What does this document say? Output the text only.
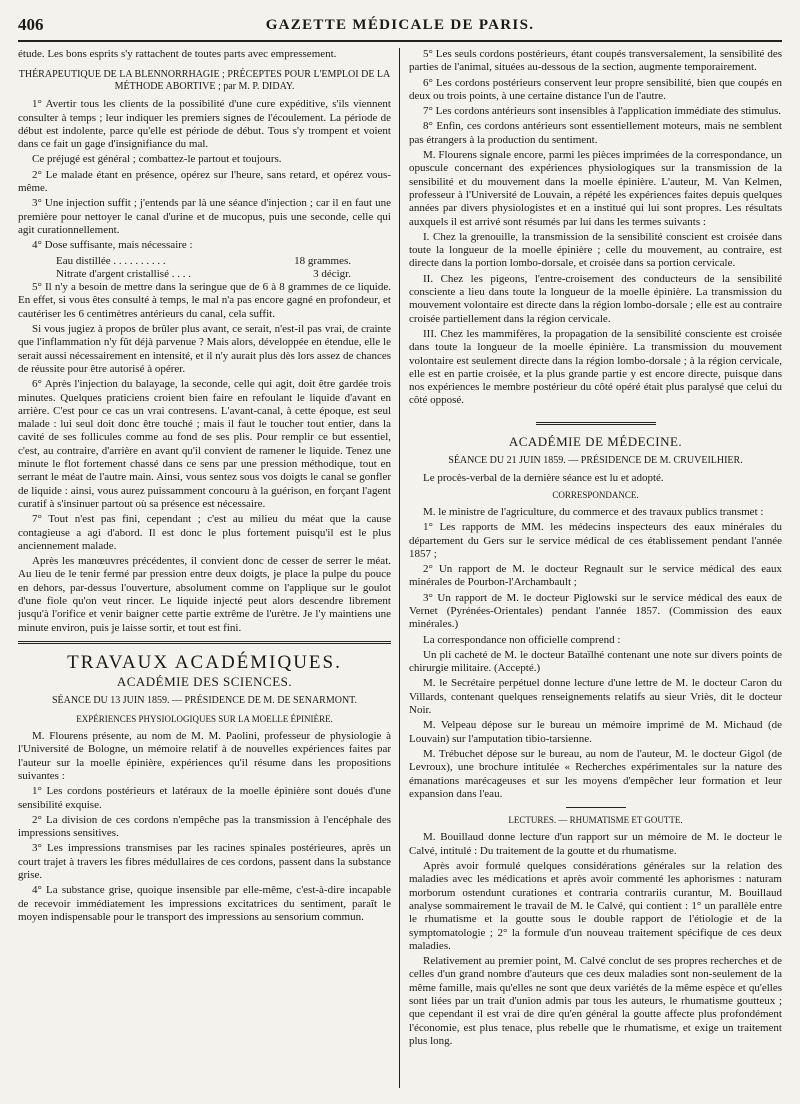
406	GAZETTE MÉDICALE DE PARIS.

étude. Les bons esprits s'y rattachent de toutes parts avec empressement.

THÉRAPEUTIQUE DE LA BLENNORRHAGIE ; PRÉCEPTES POUR L'EMPLOI DE LA MÉTHODE ABORTIVE ; par M. P. DIDAY.

1° Avertir tous les clients de la possibilité d'une cure expéditive, s'ils viennent consulter à temps ; leur indiquer les premiers signes de l'écoulement. La période de début est indolente, parce qu'elle est période de début. Tous s'y trompent et voient dans ce fait un gage d'insignifiance du mal.

Ce préjugé est général ; combattez-le partout et toujours.

2° Le malade étant en présence, opérez sur l'heure, sans retard, et opérez vous-même.

3° Une injection suffit ; j'entends par là une séance d'injection ; car il en faut une première pour nettoyer le canal d'urine et de mucopus, puis une seconde, celle qui agit curationnellement.

4° Dose suffisante, mais nécessaire :

Eau distillée . . . . . . . . . .	18 grammes.
Nitrate d'argent cristallisé . . . .	3 décigr.

5° Il n'y a besoin de mettre dans la seringue que de 6 à 8 grammes de ce liquide. En effet, si vous êtes consulté à temps, le mal n'a pas encore gagné en profondeur, et cautériser les 6 centimètres antérieurs du canal, cela suffit.

Si vous jugiez à propos de brûler plus avant, ce serait, n'est-il pas vrai, de crainte que l'inflammation n'y fût déjà parvenue ? Mais alors, développée en étendue, elle le serait aussi nécessairement en intensité, et il n'y aurait plus dès lors assez de chances de réussite pour être autorisé à opérer.

6° Après l'injection du balayage, la seconde, celle qui agit, doit être gardée trois minutes. Quelques praticiens croient bien faire en refoulant le liquide d'avant en arrière. C'est pour ce cas un vrai contresens. L'avant-canal, à cette époque, est seul malade : lui seul doit donc être touché ; mais il faut le toucher tout entier, dans la cavité de ses follicules comme au fond de ses plis. Pour remplir ce but essentiel, c'est, au contraire, d'arrière en avant qu'il convient de ramener le liquide. Tenez une minute le flot fortement chassé dans ce sens par une pression méthodique, tout en serrant le méat de l'autre main. Ainsi, vous sentez sous vos doigts le canal se gonfler de liquide : ainsi, vous aurez puissamment concouru à la guérison, en forçant l'agent curatif à s'insinuer partout où sa présence est nécessaire.

7° Tout n'est pas fini, cependant ; c'est au milieu du méat que la cause contagieuse a agi d'abord. Il est donc le plus fortement puisqu'il est le plus anciennement malade.

Après les manœuvres précédentes, il convient donc de cesser de serrer le méat. Au lieu de le tenir fermé par pression entre deux doigts, je place la pulpe du pouce en dehors, par-dessus l'ouverture, absolument comme on l'applique sur le goulot d'une fiole qu'on veut rincer. Le liquide injecté peut alors descendre librement jusqu'à l'orifice et venir baigner cette partie extrême de l'urètre. Je l'y maintiens une minute environ, puis je laisse sortir, et tout est fini.

TRAVAUX ACADÉMIQUES.
ACADÉMIE DES SCIENCES.
SÉANCE DU 13 JUIN 1859. — PRÉSIDENCE DE M. DE SENARMONT.
EXPÉRIENCES PHYSIOLOGIQUES SUR LA MOELLE ÉPINIÈRE.

M. Flourens présente, au nom de M. M. Paolini, professeur de physiologie à l'Université de Bologne, un mémoire relatif à de nouvelles expériences faites par l'auteur sur la moelle épinière, expériences qu'il résume dans les propositions suivantes :

1° Les cordons postérieurs et latéraux de la moelle épinière sont doués d'une sensibilité exquise.

2° La division de ces cordons n'empêche pas la transmission à l'encéphale des impressions sensitives.

3° Les impressions transmises par les racines spinales postérieures, après un court trajet à travers les fibres médullaires de ces cordons, passent dans la substance grise.

4° La substance grise, quoique insensible par elle-même, c'est-à-dire incapable de recevoir immédiatement les impressions excitatrices du sentiment, paraît le moyen indispensable pour le transport des impressions au sensorium commun.

5° Les seuls cordons postérieurs, étant coupés transversalement, la sensibilité des parties de l'animal, situées au-dessous de la section, augmente temporairement.

6° Les cordons postérieurs conservent leur propre sensibilité, bien que coupés en deux ou trois points, à une certaine distance l'un de l'autre.

7° Les cordons antérieurs sont insensibles à l'application immédiate des stimulus.

8° Enfin, ces cordons antérieurs sont essentiellement moteurs, mais ne semblent pas étrangers à la production du sentiment.

M. Flourens signale encore, parmi les pièces imprimées de la correspondance, un opuscule concernant des expériences physiologiques sur la transmission de la sensibilité et du mouvement dans la moelle épinière. L'auteur, M. Van Kelmen, professeur à l'Université de Louvain, a répété les expériences faites depuis quelques années par divers physiologistes et en a institué qui lui sont propres. Les résultats auxquels il est arrivé sont résumés par lui dans les termes suivants :

I. Chez la grenouille, la transmission de la sensibilité conscient est croisée dans toute la longueur de la moelle épinière ; celle du mouvement, au contraire, est directe dans la portion lombo-dorsale, et croisée dans sa portion cervicale.

II. Chez les pigeons, l'entre-croisement des conducteurs de la sensibilité consciente a lieu dans toute la longueur de la moelle épinière. La transmission du mouvement volontaire est directe dans la région lombo-dorsale ; elle est au contraire croisée partiellement dans la région cervicale.

III. Chez les mammifères, la propagation de la sensibilité consciente est croisée dans toute la longueur de la moelle épinière. La transmission du mouvement volontaire est seulement directe dans la région lombo-dorsale ; à la région cervicale, elle est en partie croisée, et la plus grande partie y est encore directe, puisque dans nos expériences le membre postérieur du côté opéré était plus paralysé que celui du côté opposé.

ACADÉMIE DE MÉDECINE.
SÉANCE DU 21 JUIN 1859. — PRÉSIDENCE DE M. CRUVEILHIER.

Le procès-verbal de la dernière séance est lu et adopté.

CORRESPONDANCE.

M. le ministre de l'agriculture, du commerce et des travaux publics transmet :

1° Les rapports de MM. les médecins inspecteurs des eaux minérales du département du Gers sur le service médical de ces établissement pendant l'année 1857 ;

2° Un rapport de M. le docteur Regnault sur le service médical des eaux minérales de Pourbon-l'Archambault ;

3° Un rapport de M. le docteur Piglowski sur le service médical des eaux de Vernet (Pyrénées-Orientales) pendant l'année 1857. (Commission des eaux minérales.)

La correspondance non officielle comprend :

Un pli cacheté de M. le docteur Bataïlhé contenant une note sur divers points de chirurgie militaire. (Accepté.)

M. le Secrétaire perpétuel donne lecture d'une lettre de M. le docteur Caron du Villards, contenant quelques renseignements relatifs au sieur Vriès, dit le docteur Noir.

M. Velpeau dépose sur le bureau un mémoire imprimé de M. Michaud (de Louvain) sur l'amputation tibio-tarsienne.

M. Trébuchet dépose sur le bureau, au nom de l'auteur, M. le docteur Gigol (de Levroux), une brochure intitulée « Recherches expérimentales sur la nature des émanations marécageuses et sur les moyens d'empêcher leur formation et leur expansion dans l'eau.

LECTURES. — RHUMATISME ET GOUTTE.

M. Bouillaud donne lecture d'un rapport sur un mémoire de M. le docteur le Calvé, intitulé : Du traitement de la goutte et du rhumatisme.

Après avoir formulé quelques considérations générales sur la relation des maladies avec les médications et après avoir commenté les aphorismes : naturam morborum ostendunt curationes et contraria contrariis curantur, M. Bouillaud analyse sommairement le travail de M. le Calvé, qui contient : 1° un parallèle entre le rhumatisme et la goutte sous le double rapport de l'étiologie et de la symptomatologie ; 2° la formule d'un nouveau traitement spécifique de ces deux maladies.

Relativement au premier point, M. Calvé conclut de ses propres recherches et de celles d'un grand nombre d'auteurs que ces deux maladies sont non-seulement de la même famille, mais qu'elles ne sont que deux variétés de la même espèce et qu'elles sont liées par un trait d'union admis par tous les auteurs, le rhumatisme goutteux ; que cependant il est vrai de dire qu'en général la goutte affecte plus profondément l'économie, est plus tenace, plus rebelle que le rhumatisme, et exige un traitement plus long.
